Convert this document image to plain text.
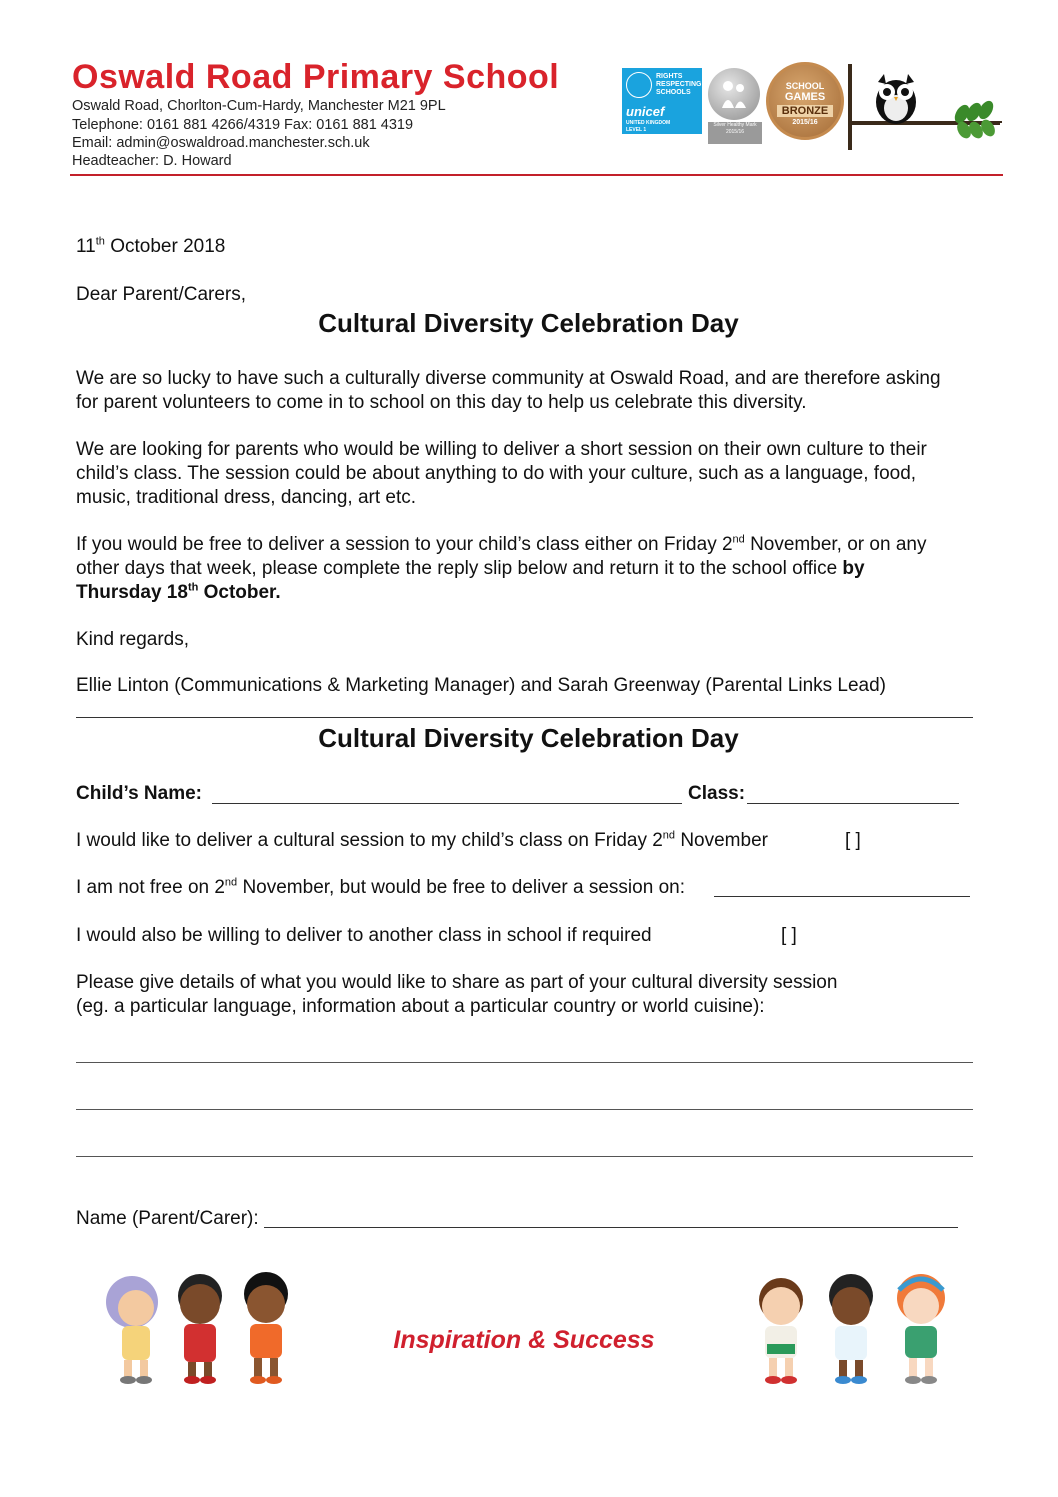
Oswald Road Primary School
Oswald Road, Chorlton-Cum-Hardy, Manchester M21 9PL
Telephone: 0161 881 4266/4319 Fax: 0161 881 4319
Email: admin@oswaldroad.manchester.sch.uk
Headteacher: D. Howard
RIGHTS RESPECTING SCHOOLS
unicef
UNITED KINGDOM
LEVEL 1
Silver Healthy Mark 2015/16
SCHOOL
GAMES
BRONZE
2015/16
11th October 2018
Dear Parent/Carers,
Cultural Diversity Celebration Day
We are so lucky to have such a culturally diverse community at Oswald Road, and are therefore asking
for parent volunteers to come in to school on this day to help us celebrate this diversity.
We are looking for parents who would be willing to deliver a short session on their own culture to their
child’s class. The session could be about anything to do with your culture, such as a language, food,
music, traditional dress, dancing, art etc.
If you would be free to deliver a session to your child’s class either on Friday 2nd November, or on any
other days that week, please complete the reply slip below and return it to the school office by
Thursday 18th October.
Kind regards,
Ellie Linton (Communications & Marketing Manager) and Sarah Greenway (Parental Links Lead)
Cultural Diversity Celebration Day
Child’s Name:	Class:
I would like to deliver a cultural session to my child’s class on Friday 2nd November	[ ]
I am not free on 2nd November, but would be free to deliver a session on:
I would also be willing to deliver to another class in school if required	[ ]
Please give details of what you would like to share as part of your cultural diversity session
(eg. a particular language, information about a particular country or world cuisine):
Name (Parent/Carer):
Inspiration & Success
